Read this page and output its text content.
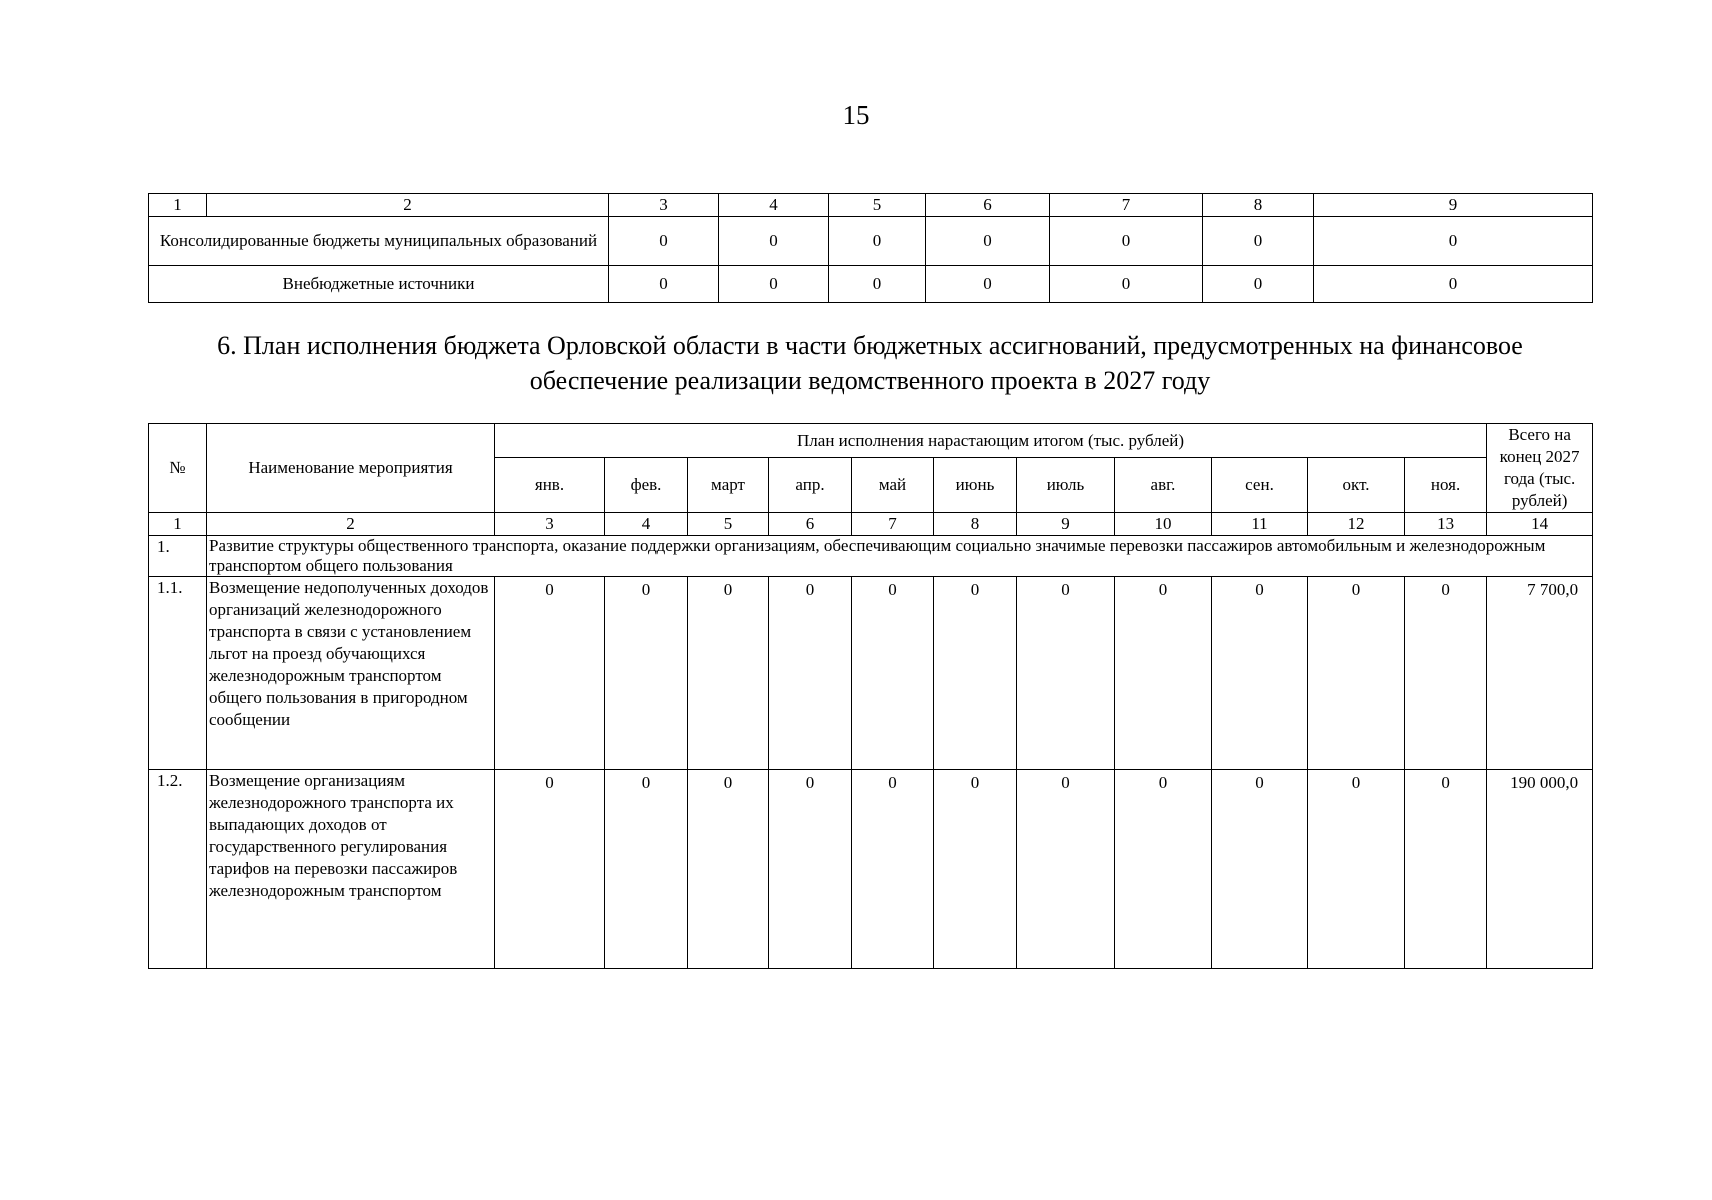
15
1	2	3	4	5	6	7	8	9
Консолидированные бюджеты муниципальных образований		0	0	0	0	0	0	0
Внебюджетные источники		0	0	0	0	0	0	0
6. План исполнения бюджета Орловской области в части бюджетных ассигнований, предусмотренных на финансовое
обеспечение реализации ведомственного проекта в 2027 году
№	Наименование мероприятия	План исполнения нарастающим итогом (тыс. рублей)											Всего на конец 2027 года (тыс. рублей)
		янв.	фев.	март	апр.	май	июнь	июль	авг.	сен.	окт.	ноя.	
1	2	3	4	5	6	7	8	9	10	11	12	13	14
1.	Развитие структуры общественного транспорта, оказание поддержки организациям, обеспечивающим социально значимые перевозки пассажиров автомобильным и железнодорожным транспортом общего пользования												
1.1.	Возмещение недополученных доходов организаций железнодорожного транспорта в связи с установлением льгот на проезд обучающихся железнодорожным транспортом общего пользования в пригородном сообщении	0	0	0	0	0	0	0	0	0	0	0	7 700,0
1.2.	Возмещение организациям железнодорожного транспорта их выпадающих доходов от государственного регулирования тарифов на перевозки пассажиров железнодорожным транспортом	0	0	0	0	0	0	0	0	0	0	0	190 000,0
